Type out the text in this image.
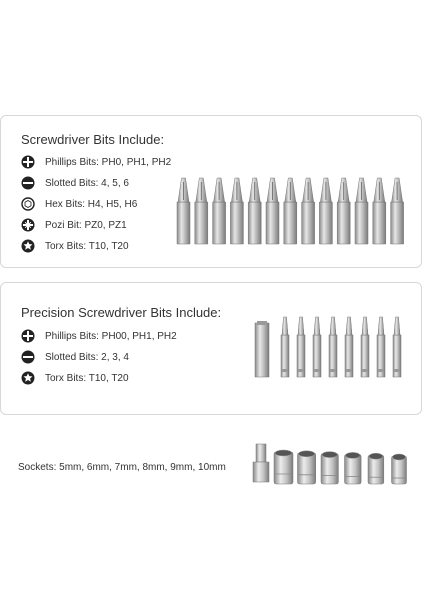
Screwdriver Bits Include:
Phillips Bits: PH0, PH1, PH2
Slotted Bits: 4, 5, 6
Hex Bits: H4, H5, H6
Pozi Bit: PZ0, PZ1
Torx Bits: T10, T20
Precision Screwdriver Bits Include:
Phillips Bits: PH00, PH1, PH2
Slotted Bits: 2, 3, 4
Torx Bits: T10, T20
Sockets: 5mm, 6mm, 7mm, 8mm, 9mm, 10mm
